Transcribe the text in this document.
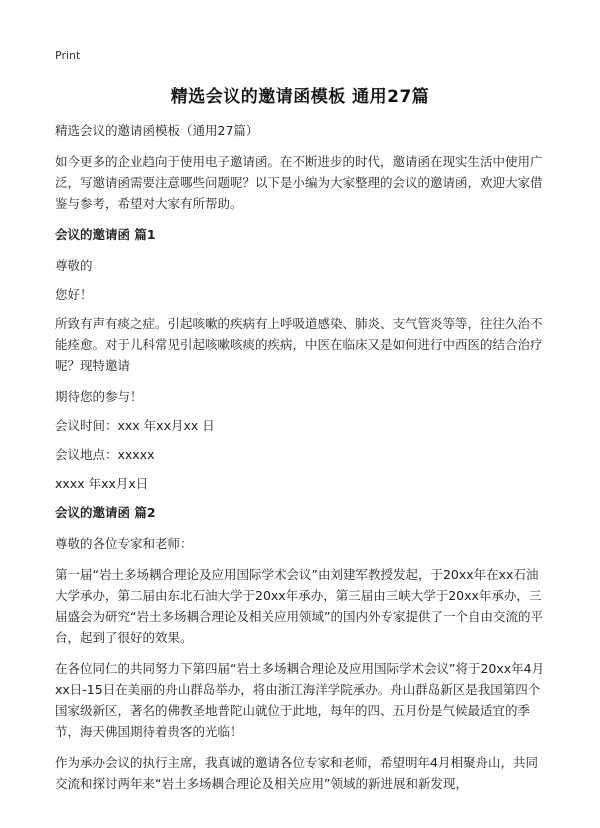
Print
精选会议的邀请函模板 通用27篇

精选会议的邀请函模板（通用27篇）

如今更多的企业趋向于使用电子邀请函。在不断进步的时代，邀请函在现实生活中使用广泛，写邀请函需要注意哪些问题呢？以下是小编为大家整理的会议的邀请函，欢迎大家借鉴与参考，希望对大家有所帮助。

会议的邀请函 篇1

尊敬的

您好！

所致有声有痰之症。引起咳嗽的疾病有上呼吸道感染、肺炎、支气管炎等等，往往久治不能痊愈。对于儿科常见引起咳嗽咳痰的疾病，中医在临床又是如何进行中西医的结合治疗呢？现特邀请

期待您的参与！

会议时间：xxx 年xx月xx 日

会议地点：xxxxx

xxxx 年xx月x日

会议的邀请函 篇2

尊敬的各位专家和老师：

第一届“岩土多场耦合理论及应用国际学术会议”由刘建军教授发起，于20xx年在xx石油大学承办，第二届由东北石油大学于20xx年承办，第三届由三峡大学于20xx年承办，三届盛会为研究“岩土多场耦合理论及相关应用领域”的国内外专家提供了一个自由交流的平台，起到了很好的效果。

在各位同仁的共同努力下第四届“岩土多场耦合理论及应用国际学术会议”将于20xx年4月xx日-15日在美丽的舟山群岛举办，将由浙江海洋学院承办。舟山群岛新区是我国第四个国家级新区，著名的佛教圣地普陀山就位于此地，每年的四、五月份是气候最适宜的季节，海天佛国期待着贵客的光临！

作为承办会议的执行主席，我真诚的邀请各位专家和老师，希望明年4月相聚舟山，共同交流和探讨两年来“岩土多场耦合理论及相关应用”领域的新进展和新发现，
